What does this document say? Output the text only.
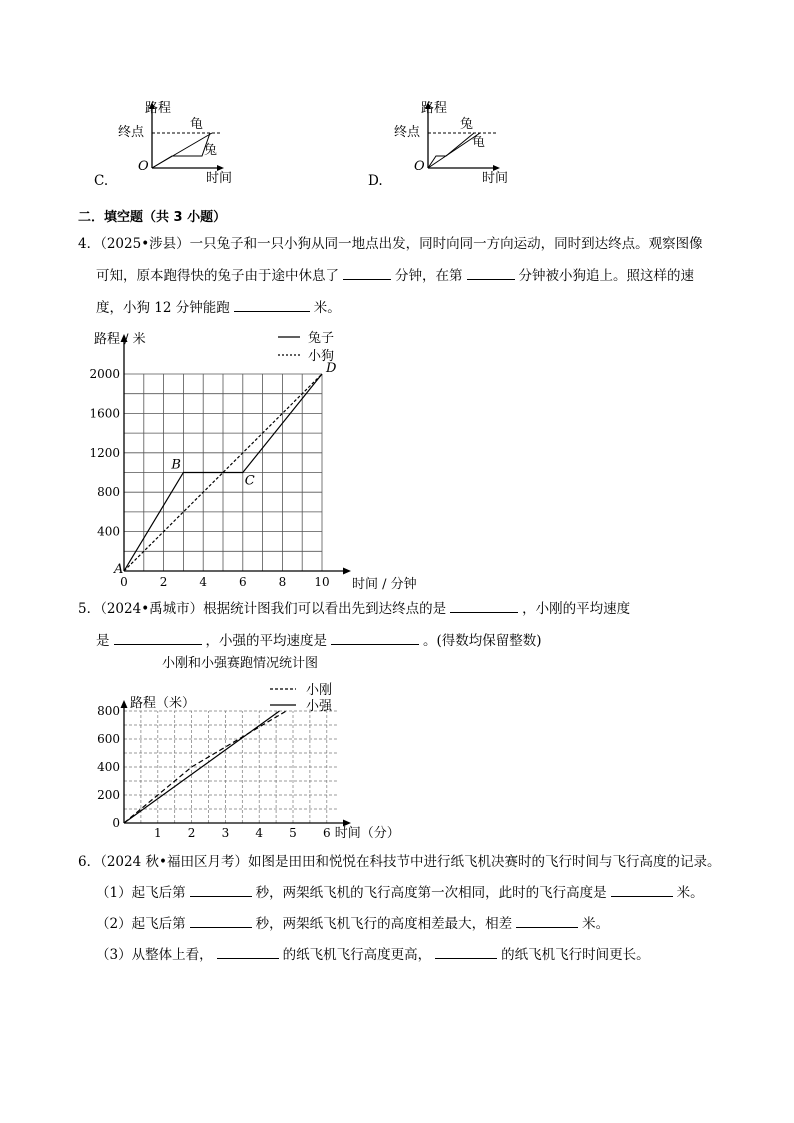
C.
路程
终点
龟
兔
O
时间	D.
路程
终点
兔
龟
O
时间
二．填空题（共 3 小题）
4．（2025•涉县）一只兔子和一只小狗从同一地点出发，同时向同一方向运动，同时到达终点。观察图像
可知，原本跑得快的兔子由于途中休息了	分钟，在第	分钟被小狗追上。照这样的速
度，小狗 12 分钟能跑	米。
0	2	4	6	8 10
400
800
1200
1600
2000
时间 / 分钟
路程 / 米	兔子
小狗
A
B
C
D
5．（2024•禹城市）根据统计图我们可以看出先到达终点的是	，小刚的平均速度
是	，小强的平均速度是	。(得数均保留整数)
小刚和小强赛跑情况统计图
1 2 3 4 5 6
200
400
600
800
0
时间（分）
路程（米）
小刚
小强
6．（2024 秋•福田区月考）如图是田田和悦悦在科技节中进行纸飞机决赛时的飞行时间与飞行高度的记录。
（1）起飞后第	秒，两架纸飞机的飞行高度第一次相同，此时的飞行高度是	米。
（2）起飞后第	秒，两架纸飞机飞行的高度相差最大，相差	米。
（3）从整体上看，	的纸飞机飞行高度更高，	的纸飞机飞行时间更长。
